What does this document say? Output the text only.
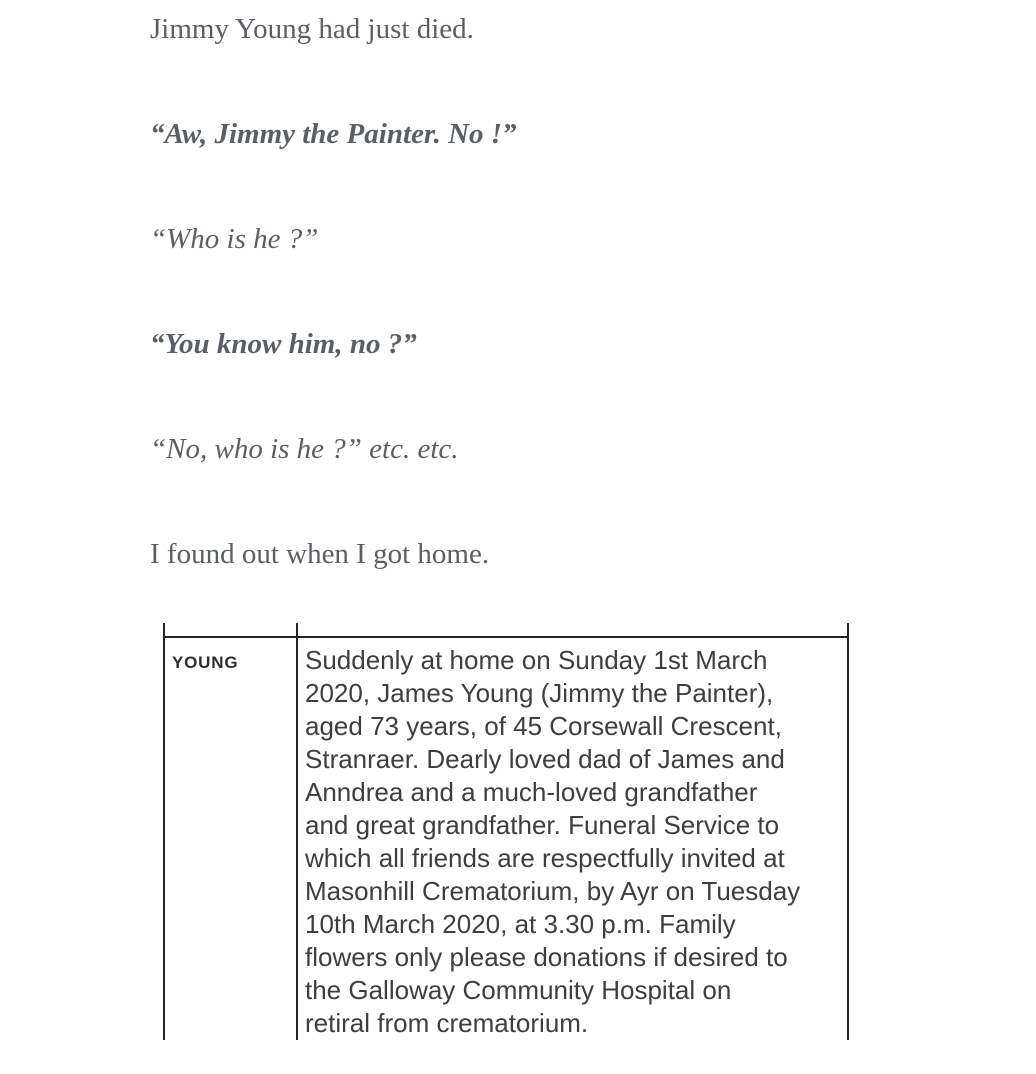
Jimmy Young had just died.

“Aw, Jimmy the Painter. No !”

“Who is he ?”

“You know him, no ?”

“No, who is he ?” etc. etc.

I found out when I got home.

YOUNG	Suddenly at home on Sunday 1st March
2020, James Young (Jimmy the Painter),
aged 73 years, of 45 Corsewall Crescent,
Stranraer. Dearly loved dad of James and
Anndrea and a much-loved grandfather
and great grandfather. Funeral Service to
which all friends are respectfully invited at
Masonhill Crematorium, by Ayr on Tuesday
10th March 2020, at 3.30 p.m. Family
flowers only please donations if desired to
the Galloway Community Hospital on
retiral from crematorium.
